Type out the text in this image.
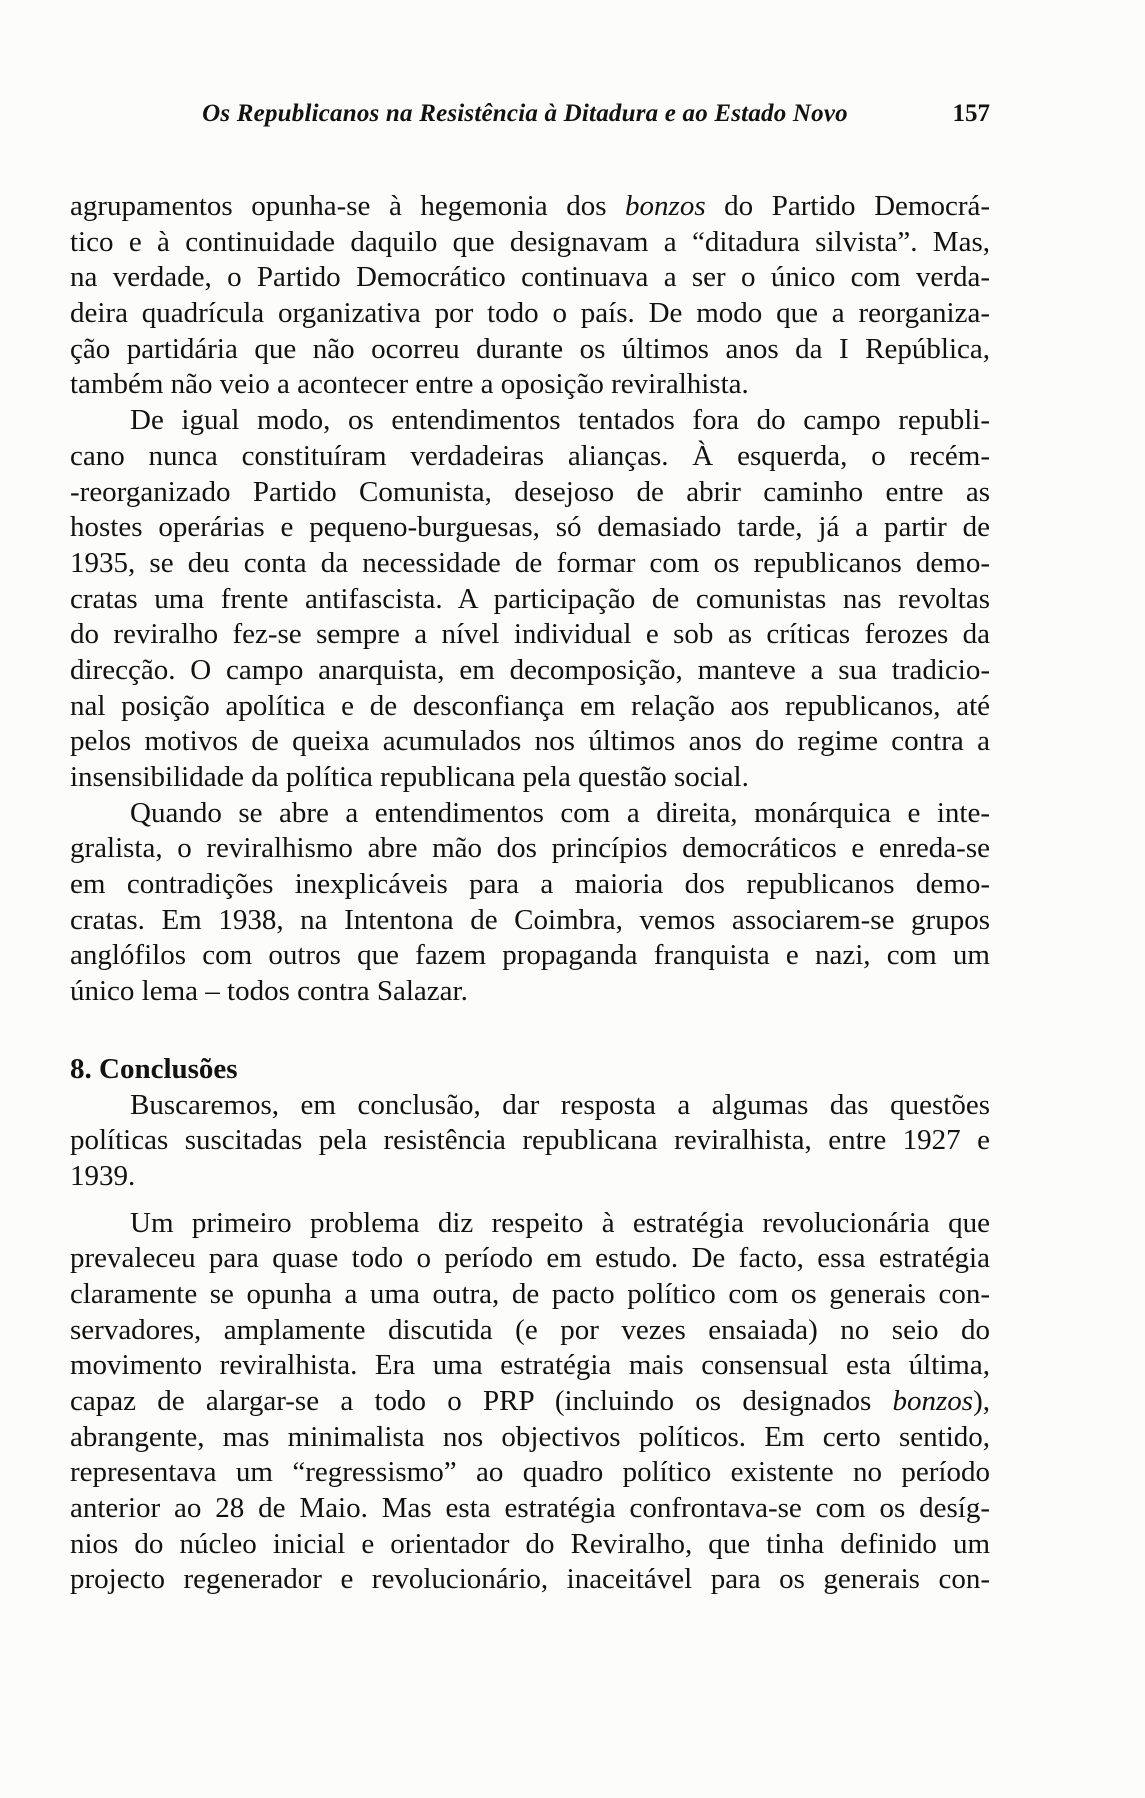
Os Republicanos na Resistência à Ditadura e ao Estado Novo	157
agrupamentos opunha-se à hegemonia dos bonzos do Partido Democrá-
tico e à continuidade daquilo que designavam a “ditadura silvista”. Mas,
na verdade, o Partido Democrático continuava a ser o único com verda-
deira quadrícula organizativa por todo o país. De modo que a reorganiza-
ção partidária que não ocorreu durante os últimos anos da I República,
também não veio a acontecer entre a oposição reviralhista.
De igual modo, os entendimentos tentados fora do campo republi-
cano nunca constituíram verdadeiras alianças. À esquerda, o recém-
-reorganizado Partido Comunista, desejoso de abrir caminho entre as
hostes operárias e pequeno-burguesas, só demasiado tarde, já a partir de
1935, se deu conta da necessidade de formar com os republicanos demo-
cratas uma frente antifascista. A participação de comunistas nas revoltas
do reviralho fez-se sempre a nível individual e sob as críticas ferozes da
direcção. O campo anarquista, em decomposição, manteve a sua tradicio-
nal posição apolítica e de desconfiança em relação aos republicanos, até
pelos motivos de queixa acumulados nos últimos anos do regime contra a
insensibilidade da política republicana pela questão social.
Quando se abre a entendimentos com a direita, monárquica e inte-
gralista, o reviralhismo abre mão dos princípios democráticos e enreda-se
em contradições inexplicáveis para a maioria dos republicanos demo-
cratas. Em 1938, na Intentona de Coimbra, vemos associarem-se grupos
anglófilos com outros que fazem propaganda franquista e nazi, com um
único lema – todos contra Salazar.
8. Conclusões
Buscaremos, em conclusão, dar resposta a algumas das questões
políticas suscitadas pela resistência republicana reviralhista, entre 1927 e
1939.
Um primeiro problema diz respeito à estratégia revolucionária que
prevaleceu para quase todo o período em estudo. De facto, essa estratégia
claramente se opunha a uma outra, de pacto político com os generais con-
servadores, amplamente discutida (e por vezes ensaiada) no seio do
movimento reviralhista. Era uma estratégia mais consensual esta última,
capaz de alargar-se a todo o PRP (incluindo os designados bonzos),
abrangente, mas minimalista nos objectivos políticos. Em certo sentido,
representava um “regressismo” ao quadro político existente no período
anterior ao 28 de Maio. Mas esta estratégia confrontava-se com os desíg-
nios do núcleo inicial e orientador do Reviralho, que tinha definido um
projecto regenerador e revolucionário, inaceitável para os generais con-
